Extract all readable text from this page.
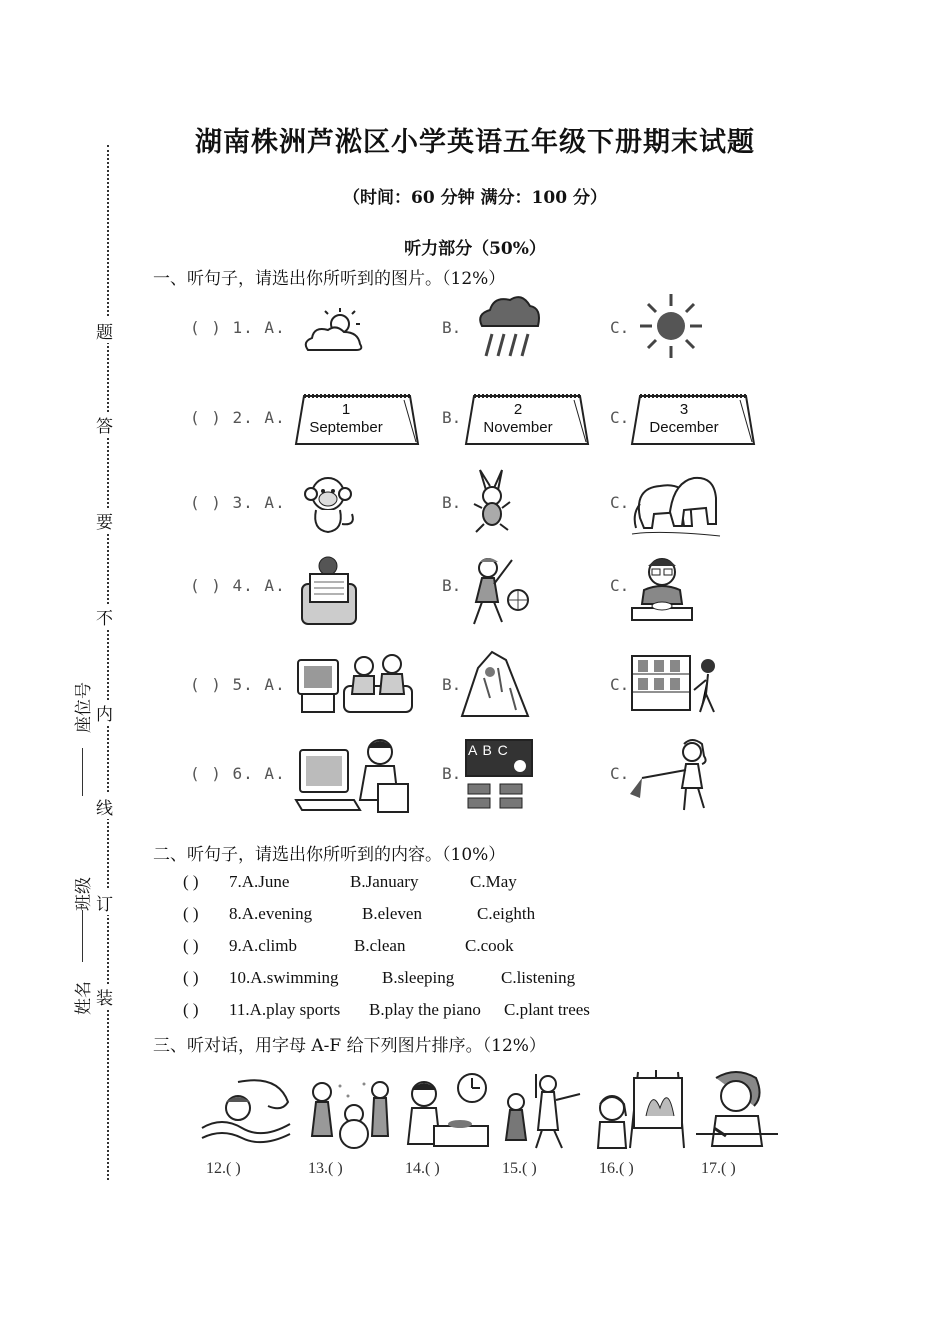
题
答
要
不
内
线
订
装
座位号
班级
姓名
湖南株洲芦淞区小学英语五年级下册期末试题
（时间：60 分钟 满分：100 分）
听力部分（50%）
一、听句子，请选出你所听到的图片。（12%）
( ) 1. A.	B.	C.
( ) 2. A.	B.	C.
1
September
2
November
3
December
( ) 3. A.	B.	C.
( ) 4. A.	B.	C.
( ) 5. A.	B.	C.
( ) 6. A.	B.	C.
A B C
二、听句子，请选出你所听到的内容。（10%）
( ) 7.A.June	B.January	C.May
( ) 8.A.evening	B.eleven	C.eighth
( ) 9.A.climb	B.clean	C.cook
( ) 10.A.swimming	B.sleeping	C.listening
( ) 11.A.play sports B.play the piano C.plant trees
三、听对话，用字母 A-F 给下列图片排序。（12%）
12.( )	13.( )	14.( )	15.( )	16.( )	17.( )
